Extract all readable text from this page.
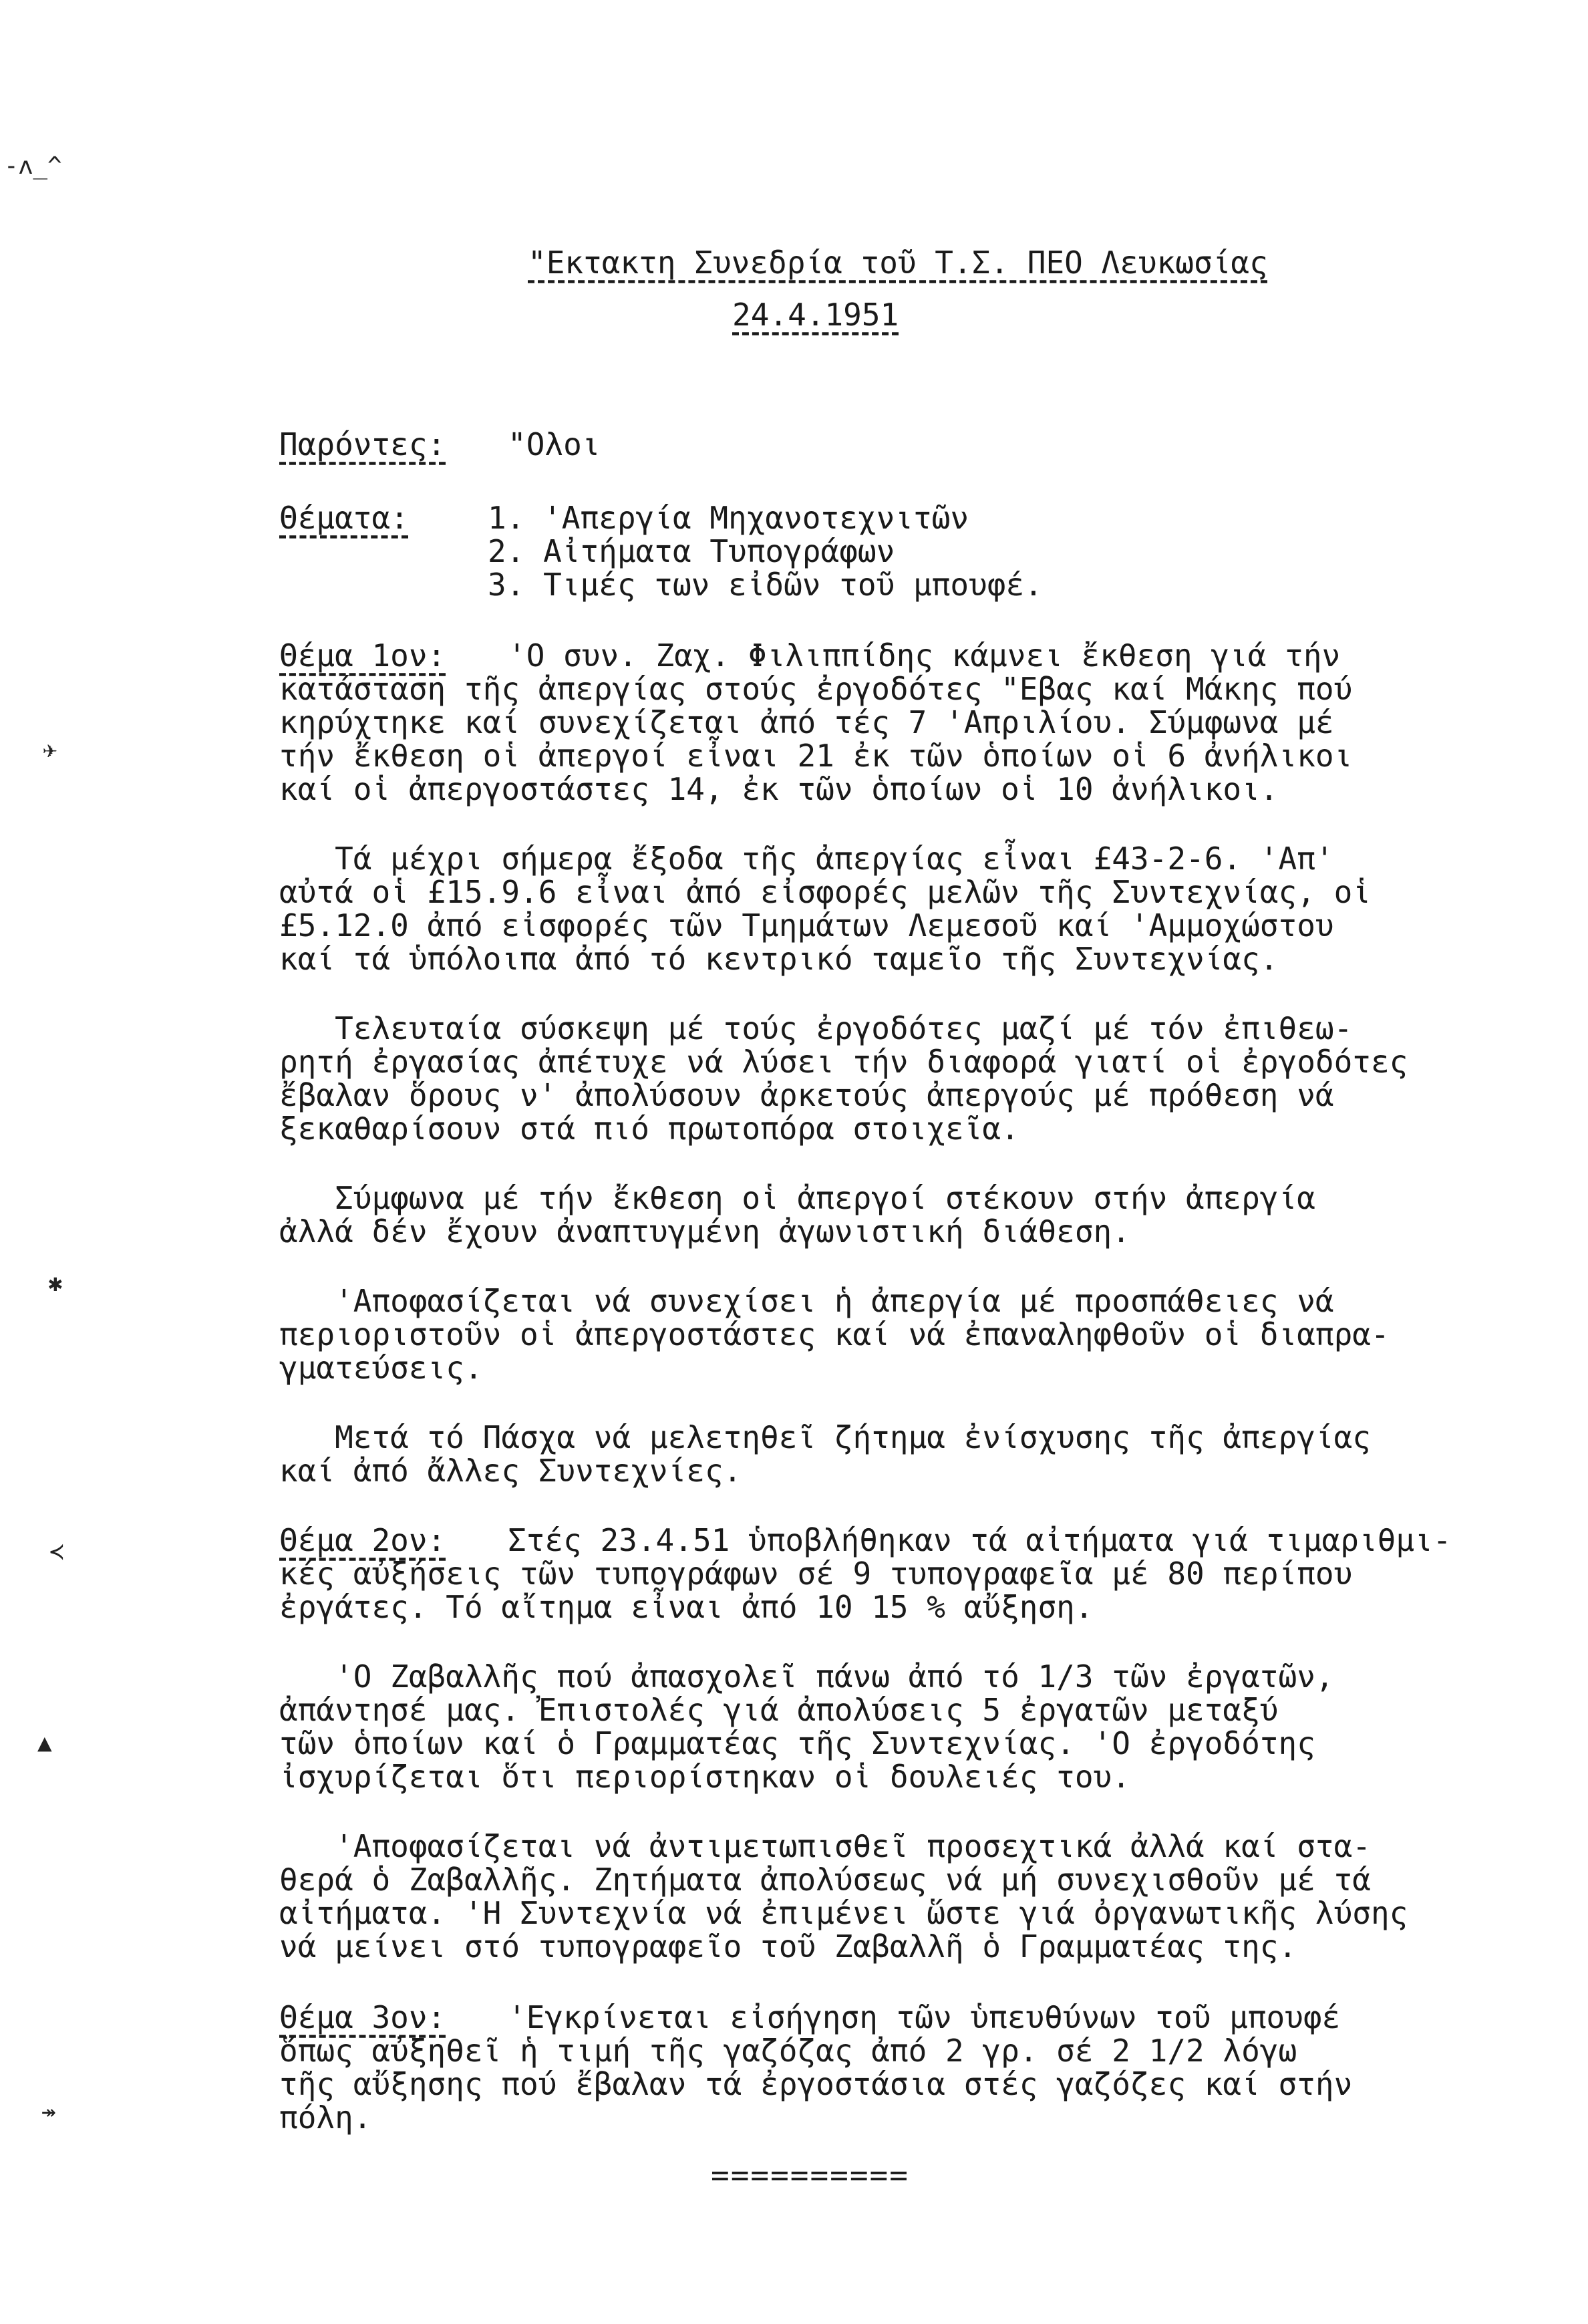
-ʌ_^
✈
✱
≺
▲
↠
"Εκτακτη Συνεδρία τοῦ Τ.Σ. ΠΕΟ Λευκωσίας
24.4.1951
Παρόντες: "Ολοι
Θέματα:	1. 'Απεργία Μηχανοτεχνιτῶν
2. Αἰτήματα Τυπογράφων
3. Τιμές των εἰδῶν τοῦ μπουφέ.
Θέμα 1ον: 'Ο συν. Ζαχ. Φιλιππίδης κάμνει ἔκθεση γιά τήν
κατάσταση τῆς ἀπεργίας στούς ἐργοδότες "Εβας καί Μάκης πού
κηρύχτηκε καί συνεχίζεται ἀπό τές 7 'Απριλίου. Σύμφωνα μέ
τήν ἔκθεση οἱ ἀπεργοί εἶναι 21 ἐκ τῶν ὁποίων οἱ 6 ἀνήλικοι
καί οἱ ἀπεργοστάστες 14, ἐκ τῶν ὁποίων οἱ 10 ἀνήλικοι.
Τά μέχρι σήμερα ἔξοδα τῆς ἀπεργίας εἶναι £43-2-6. 'Απ'
αὐτά οἱ £15.9.6 εἶναι ἀπό εἰσφορές μελῶν τῆς Συντεχνίας, οἱ
£5.12.0 ἀπό εἰσφορές τῶν Τμημάτων Λεμεσοῦ καί 'Αμμοχώστου
καί τά ὑπόλοιπα ἀπό τό κεντρικό ταμεῖο τῆς Συντεχνίας.
Τελευταία σύσκεψη μέ τούς ἐργοδότες μαζί μέ τόν ἐπιθεω-
ρητή ἐργασίας ἀπέτυχε νά λύσει τήν διαφορά γιατί οἱ ἐργοδότες
ἔβαλαν ὅρους ν' ἀπολύσουν ἀρκετούς ἀπεργούς μέ πρόθεση νά
ξεκαθαρίσουν στά πιό πρωτοπόρα στοιχεῖα.
Σύμφωνα μέ τήν ἔκθεση οἱ ἀπεργοί στέκουν στήν ἀπεργία
ἀλλά δέν ἔχουν ἀναπτυγμένη ἀγωνιστική διάθεση.
'Αποφασίζεται νά συνεχίσει ἡ ἀπεργία μέ προσπάθειες νά
περιοριστοῦν οἱ ἀπεργοστάστες καί νά ἐπαναληφθοῦν οἱ διαπρα-
γματεύσεις.
Μετά τό Πάσχα νά μελετηθεῖ ζήτημα ἐνίσχυσης τῆς ἀπεργίας
καί ἀπό ἄλλες Συντεχνίες.
Θέμα 2ον: Στές 23.4.51 ὑποβλήθηκαν τά αἰτήματα γιά τιμαριθμι-
κές αὐξήσεις τῶν τυπογράφων σέ 9 τυπογραφεῖα μέ 80 περίπου
ἐργάτες. Τό αἴτημα εἶναι ἀπό 10 15 % αὔξηση.
'Ο Ζαβαλλῆς πού ἀπασχολεῖ πάνω ἀπό τό 1/3 τῶν ἐργατῶν,
ἀπάντησέ μας. Ἐπιστολές γιά ἀπολύσεις 5 ἐργατῶν μεταξύ
τῶν ὁποίων καί ὁ Γραμματέας τῆς Συντεχνίας. 'Ο ἐργοδότης
ἰσχυρίζεται ὅτι περιορίστηκαν οἱ δουλειές του.
'Αποφασίζεται νά ἀντιμετωπισθεῖ προσεχτικά ἀλλά καί στα-
θερά ὁ Ζαβαλλῆς. Ζητήματα ἀπολύσεως νά μή συνεχισθοῦν μέ τά
αἰτήματα. 'Η Συντεχνία νά ἐπιμένει ὥστε γιά ὀργανωτικῆς λύσης
νά μείνει στό τυπογραφεῖο τοῦ Ζαβαλλῆ ὁ Γραμματέας της.
Θέμα 3ον: 'Εγκρίνεται εἰσήγηση τῶν ὑπευθύνων τοῦ μπουφέ
ὅπως αὐξηθεῖ ἡ τιμή τῆς γαζόζας ἀπό 2 γρ. σέ 2 1/2 λόγω
τῆς αὔξησης πού ἔβαλαν τά ἐργοστάσια στές γαζόζες καί στήν
πόλη.
==========
